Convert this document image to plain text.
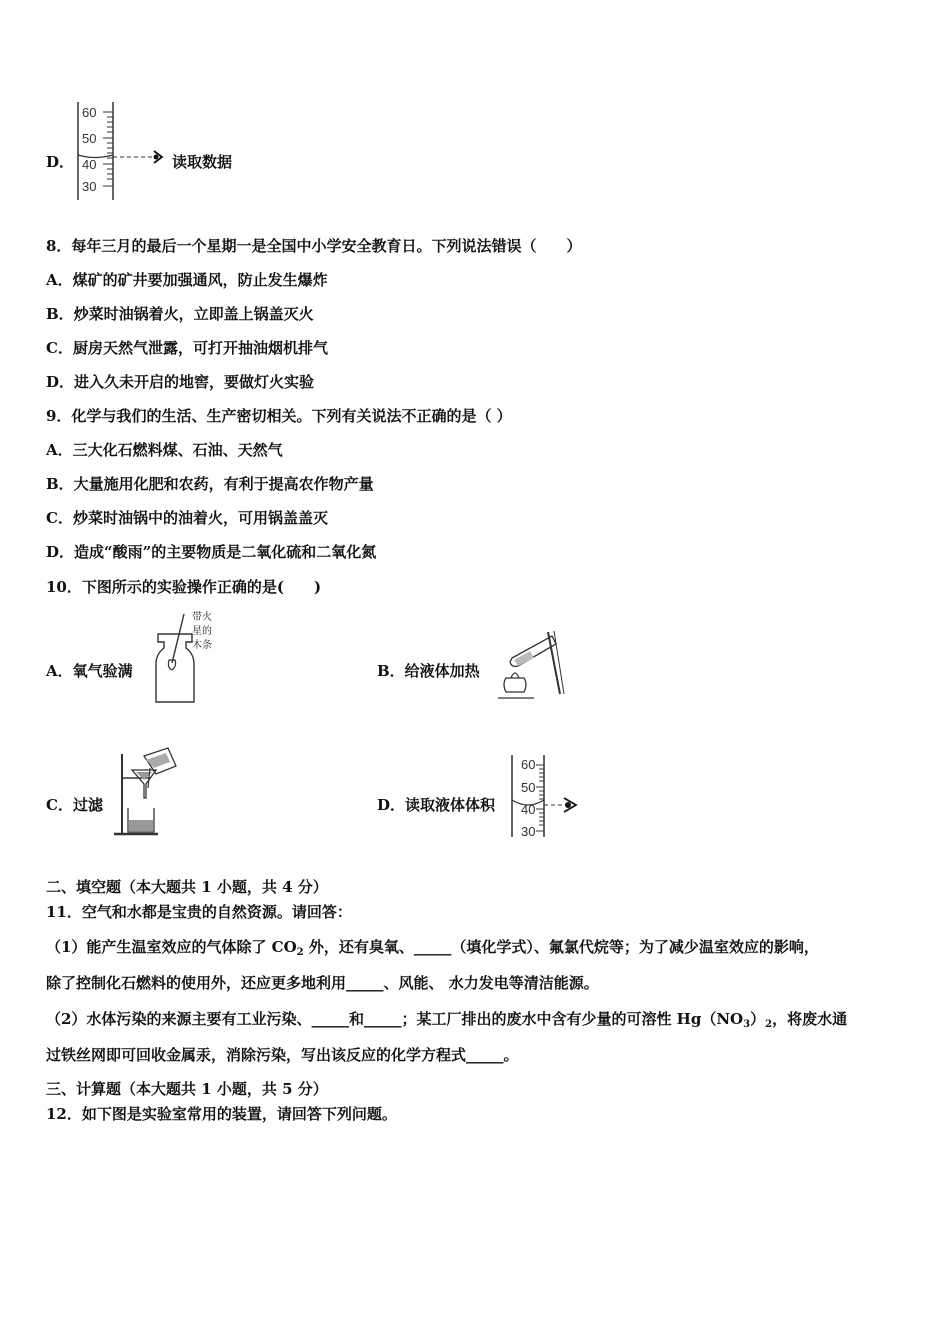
D．
60
50
40
30
读取数据
8．每年三月的最后一个星期一是全国中小学安全教育日。下列说法错误（　　）
A．煤矿的矿井要加强通风，防止发生爆炸
B．炒菜时油锅着火，立即盖上锅盖灭火
C．厨房天然气泄露，可打开抽油烟机排气
D．进入久未开启的地窖，要做灯火实验
9．化学与我们的生活、生产密切相关。下列有关说法不正确的是（ ）
A．三大化石燃料煤、石油、天然气
B．大量施用化肥和农药，有利于提高农作物产量
C．炒菜时油锅中的油着火，可用锅盖盖灭
D．造成“酸雨”的主要物质是二氧化硫和二氧化氮
10．下图所示的实验操作正确的是(　　)
A．氧气验满
带火
星的
木条
B．给液体加热
C．过滤	D．读取液体体积
60
50
40
30
二、填空题（本大题共 1 小题，共 4 分）
11．空气和水都是宝贵的自然资源。请回答：
（1）能产生温室效应的气体除了 $CO_2$ 外，还有臭氧、_____（填化学式）、氟氯代烷等；为了减少温室效应的影响，
除了控制化石燃料的使用外，还应更多地利用_____、风能、 水力发电等清洁能源。
（2）水体污染的来源主要有工业污染、_____和_____；某工厂排出的废水中含有少量的可溶性 $Hg(NO_3)_2$，将废水通
过铁丝网即可回收金属汞，消除污染，写出该反应的化学方程式_____。
三、计算题（本大题共 1 小题，共 5 分）
12．如下图是实验室常用的装置，请回答下列问题。
